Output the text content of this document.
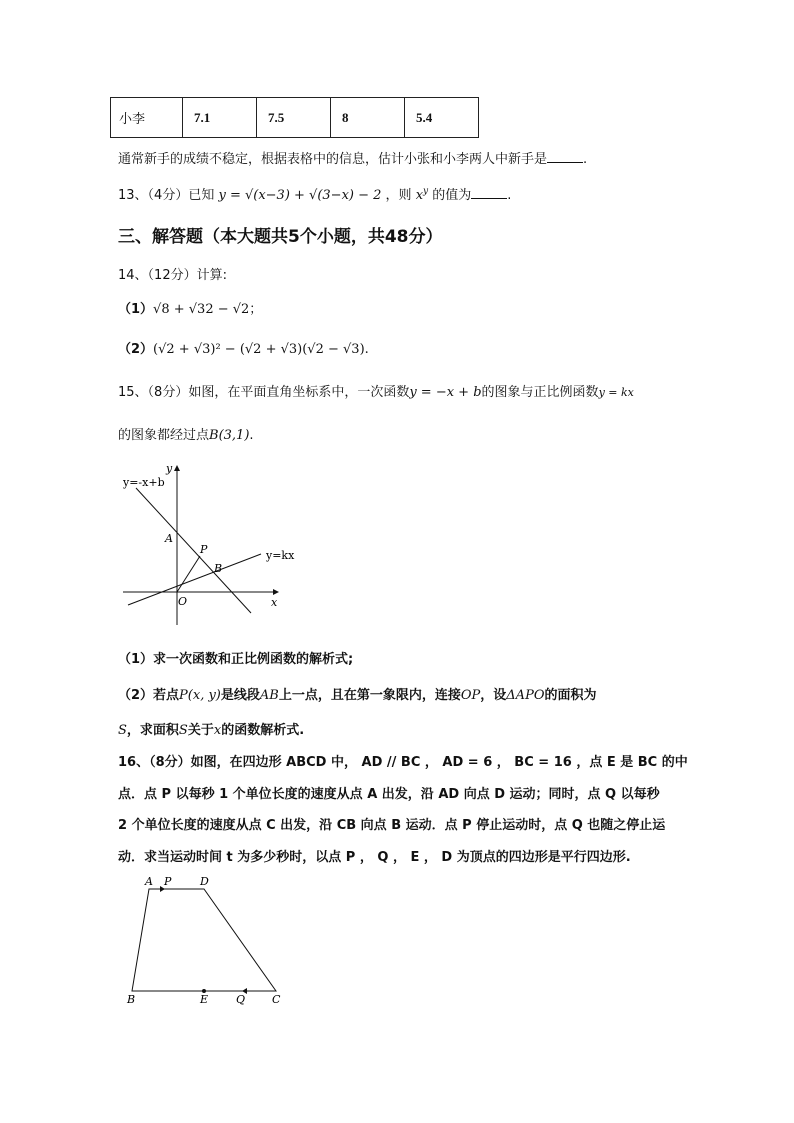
小李	7.1	7.5	8	5.4
通常新手的成绩不稳定，根据表格中的信息，估计小张和小李两人中新手是	.
13、（4分）已知 y = √(x−3) + √(3−x) − 2 ，则 $x^y$ 的值为	.
三、解答题（本大题共5个小题，共48分）
14、（12分）计算:
（1）√8 + √32 − √2；
（2）(√2 + √3)² − (√2 + √3)(√2 − √3).
15、（8分）如图，在平面直角坐标系中，一次函数y = −x + b的图象与正比例函数y = kx
的图象都经过点B(3,1).
y=-x+b
y=kx
y
x
A
P
B
O
（1）求一次函数和正比例函数的解析式;
（2）若点P(x, y)是线段AB上一点，且在第一象限内，连接OP，设ΔAPO的面积为
S，求面积S关于x的函数解析式.
16、（8分）如图，在四边形 ABCD 中， AD // BC ， AD = 6 ， BC = 16 ，点 E 是 BC 的中
点．点 P 以每秒 1 个单位长度的速度从点 A 出发，沿 AD 向点 D 运动；同时，点 Q 以每秒
2 个单位长度的速度从点 C 出发，沿 CB 向点 B 运动．点 P 停止运动时，点 Q 也随之停止运
动．求当运动时间 t 为多少秒时，以点 P ， Q ， E ， D 为顶点的四边形是平行四边形.
A P	D
B	E	Q C
